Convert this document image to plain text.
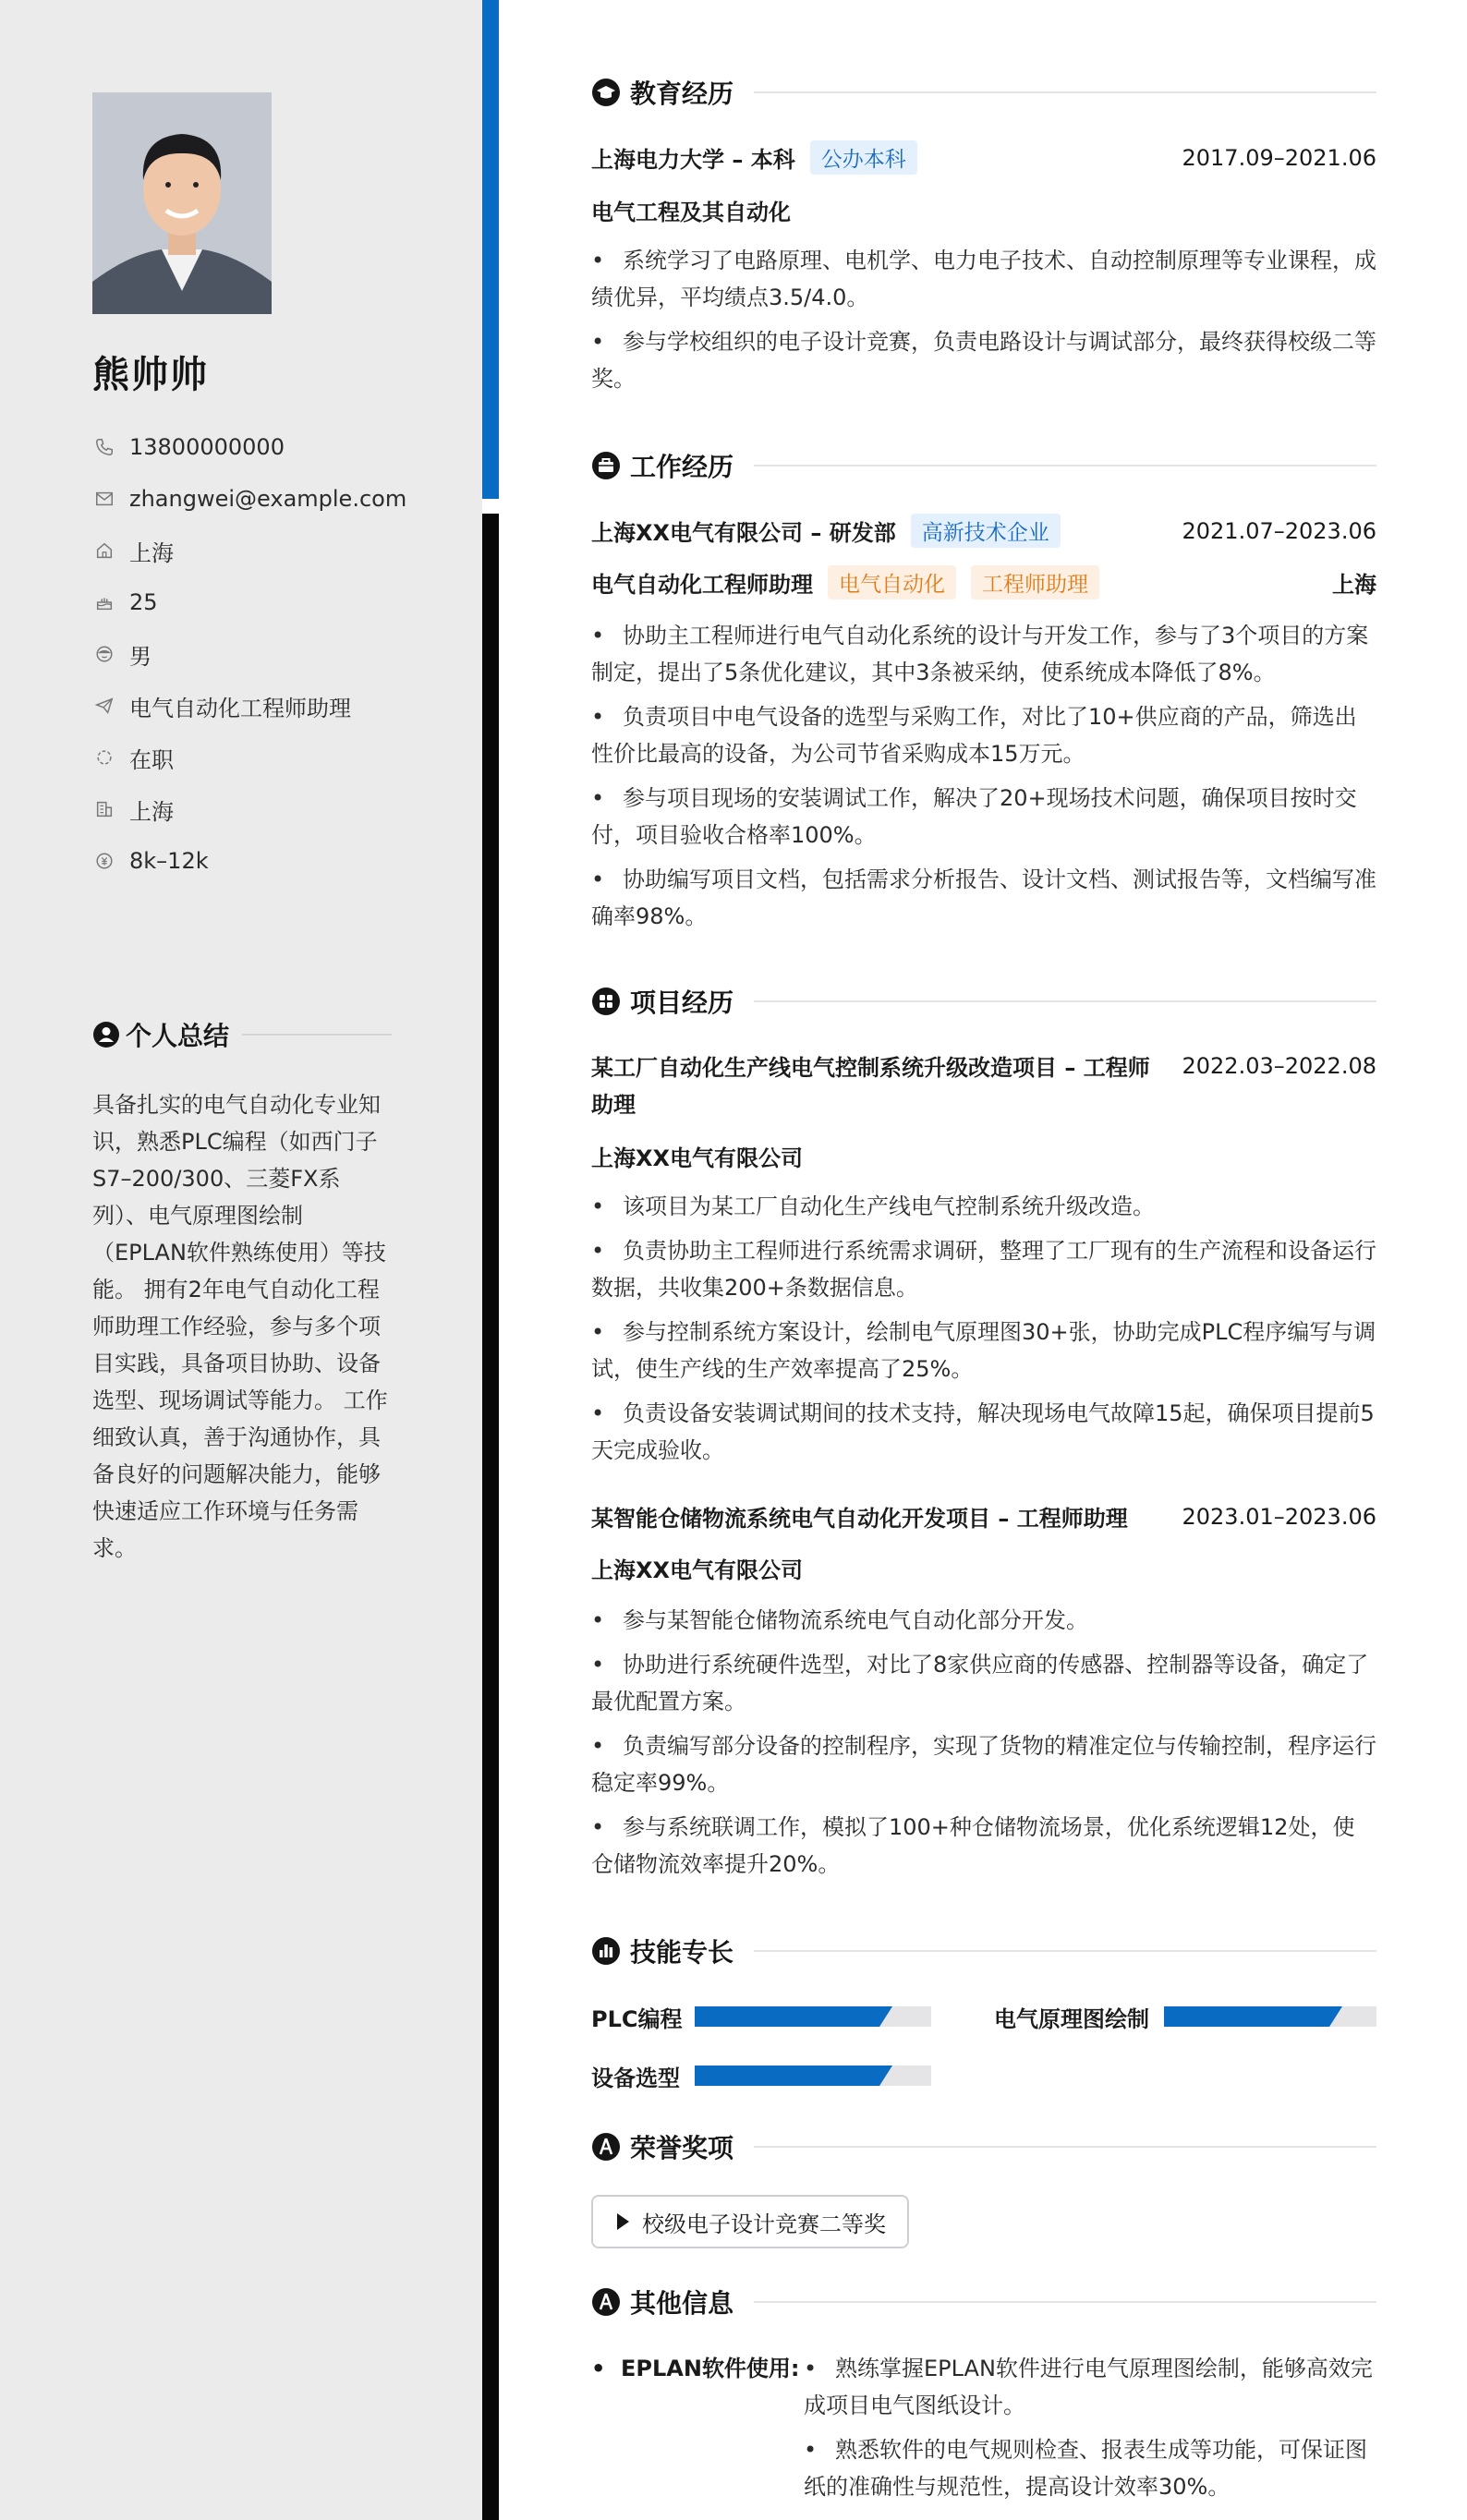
熊帅帅
13800000000
zhangwei@example.com
上海
25
男
电气自动化工程师助理
在职
上海
8k–12k
个人总结
具备扎实的电气自动化专业知识，熟悉PLC编程（如西门子S7–200/300、三菱FX系列）、电气原理图绘制（EPLAN软件熟练使用）等技能。 拥有2年电气自动化工程师助理工作经验，参与多个项目实践，具备项目协助、设备选型、现场调试等能力。 工作细致认真，善于沟通协作，具备良好的问题解决能力，能够快速适应工作环境与任务需求。
教育经历
上海电力大学 – 本科	公办本科	2017.09–2021.06
电气工程及其自动化
• 系统学习了电路原理、电机学、电力电子技术、自动控制原理等专业课程，成绩优异，平均绩点3.5/4.0。
• 参与学校组织的电子设计竞赛，负责电路设计与调试部分，最终获得校级二等奖。
工作经历
上海XX电气有限公司 – 研发部	高新技术企业	2021.07–2023.06
电气自动化工程师助理	电气自动化	工程师助理	上海
• 协助主工程师进行电气自动化系统的设计与开发工作，参与了3个项目的方案制定，提出了5条优化建议，其中3条被采纳，使系统成本降低了8%。
• 负责项目中电气设备的选型与采购工作，对比了10+供应商的产品，筛选出性价比最高的设备，为公司节省采购成本15万元。
• 参与项目现场的安装调试工作，解决了20+现场技术问题，确保项目按时交付，项目验收合格率100%。
• 协助编写项目文档，包括需求分析报告、设计文档、测试报告等，文档编写准确率98%。
项目经历
某工厂自动化生产线电气控制系统升级改造项目 – 工程师 2022.03–2022.08
助理
上海XX电气有限公司
• 该项目为某工厂自动化生产线电气控制系统升级改造。
• 负责协助主工程师进行系统需求调研，整理了工厂现有的生产流程和设备运行数据，共收集200+条数据信息。
• 参与控制系统方案设计，绘制电气原理图30+张，协助完成PLC程序编写与调试，使生产线的生产效率提高了25%。
• 负责设备安装调试期间的技术支持，解决现场电气故障15起，确保项目提前5天完成验收。
某智能仓储物流系统电气自动化开发项目 – 工程师助理 2023.01–2023.06
上海XX电气有限公司
• 参与某智能仓储物流系统电气自动化部分开发。
• 协助进行系统硬件选型，对比了8家供应商的传感器、控制器等设备，确定了最优配置方案。
• 负责编写部分设备的控制程序，实现了货物的精准定位与传输控制，程序运行稳定率99%。
• 参与系统联调工作，模拟了100+种仓储物流场景，优化系统逻辑12处，使仓储物流效率提升20%。
技能专长
PLC编程	电气原理图绘制
设备选型
荣誉奖项
校级电子设计竞赛二等奖
其他信息
• EPLAN软件使用: • 熟练掌握EPLAN软件进行电气原理图绘制，能够高效完成项目电气图纸设计。
• 熟悉软件的电气规则检查、报表生成等功能，可保证图纸的准确性与规范性，提高设计效率30%。
